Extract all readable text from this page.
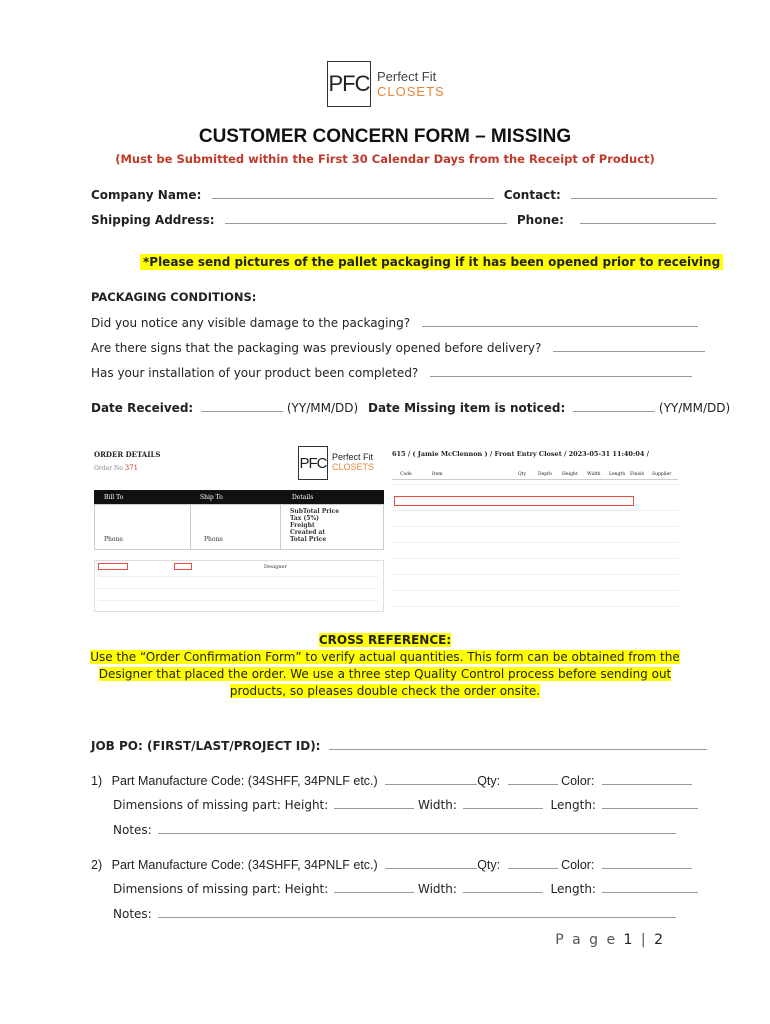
PFC Perfect Fit
CLOSETS
CUSTOMER CONCERN FORM – MISSING
(Must be Submitted within the First 30 Calendar Days from the Receipt of Product)
Company Name:	Contact:
Shipping Address:	Phone:
*Please send pictures of the pallet packaging if it has been opened prior to receiving
PACKAGING CONDITIONS:
Did you notice any visible damage to the packaging?
Are there signs that the packaging was previously opened before delivery?
Has your installation of your product been completed?
Date Received:	(YY/MM/DD) Date Missing item is noticed:	(YY/MM/DD)
ORDER DETAILS
Order No 371	PFC Perfect Fit
CLOSETS
Bill To	Ship To	Details
Phone	Phone
SubTotal Price
Tax (5%)
Freight
Created at
Total Price
Designer
615 / ( Jamie McClennon ) / Front Entry Closet / 2023-05-31 11:40:04 /
Code	Item	Qty	Depth Height Width Length Finish Supplier
CROSS REFERENCE:
Use the “Order Confirmation Form” to verify actual quantities. This form can be obtained from the
Designer that placed the order. We use a three step Quality Control process before sending out
products, so pleases double check the order onsite.
JOB PO: (FIRST/LAST/PROJECT ID):
1) Part Manufacture Code: (34SHFF, 34PNLF etc.)	Qty:	Color:
Dimensions of missing part: Height:	Width:	Length:
Notes:
2) Part Manufacture Code: (34SHFF, 34PNLF etc.)	Qty:	Color:
Dimensions of missing part: Height:	Width:	Length:
Notes:
P a g e 1 | 2
